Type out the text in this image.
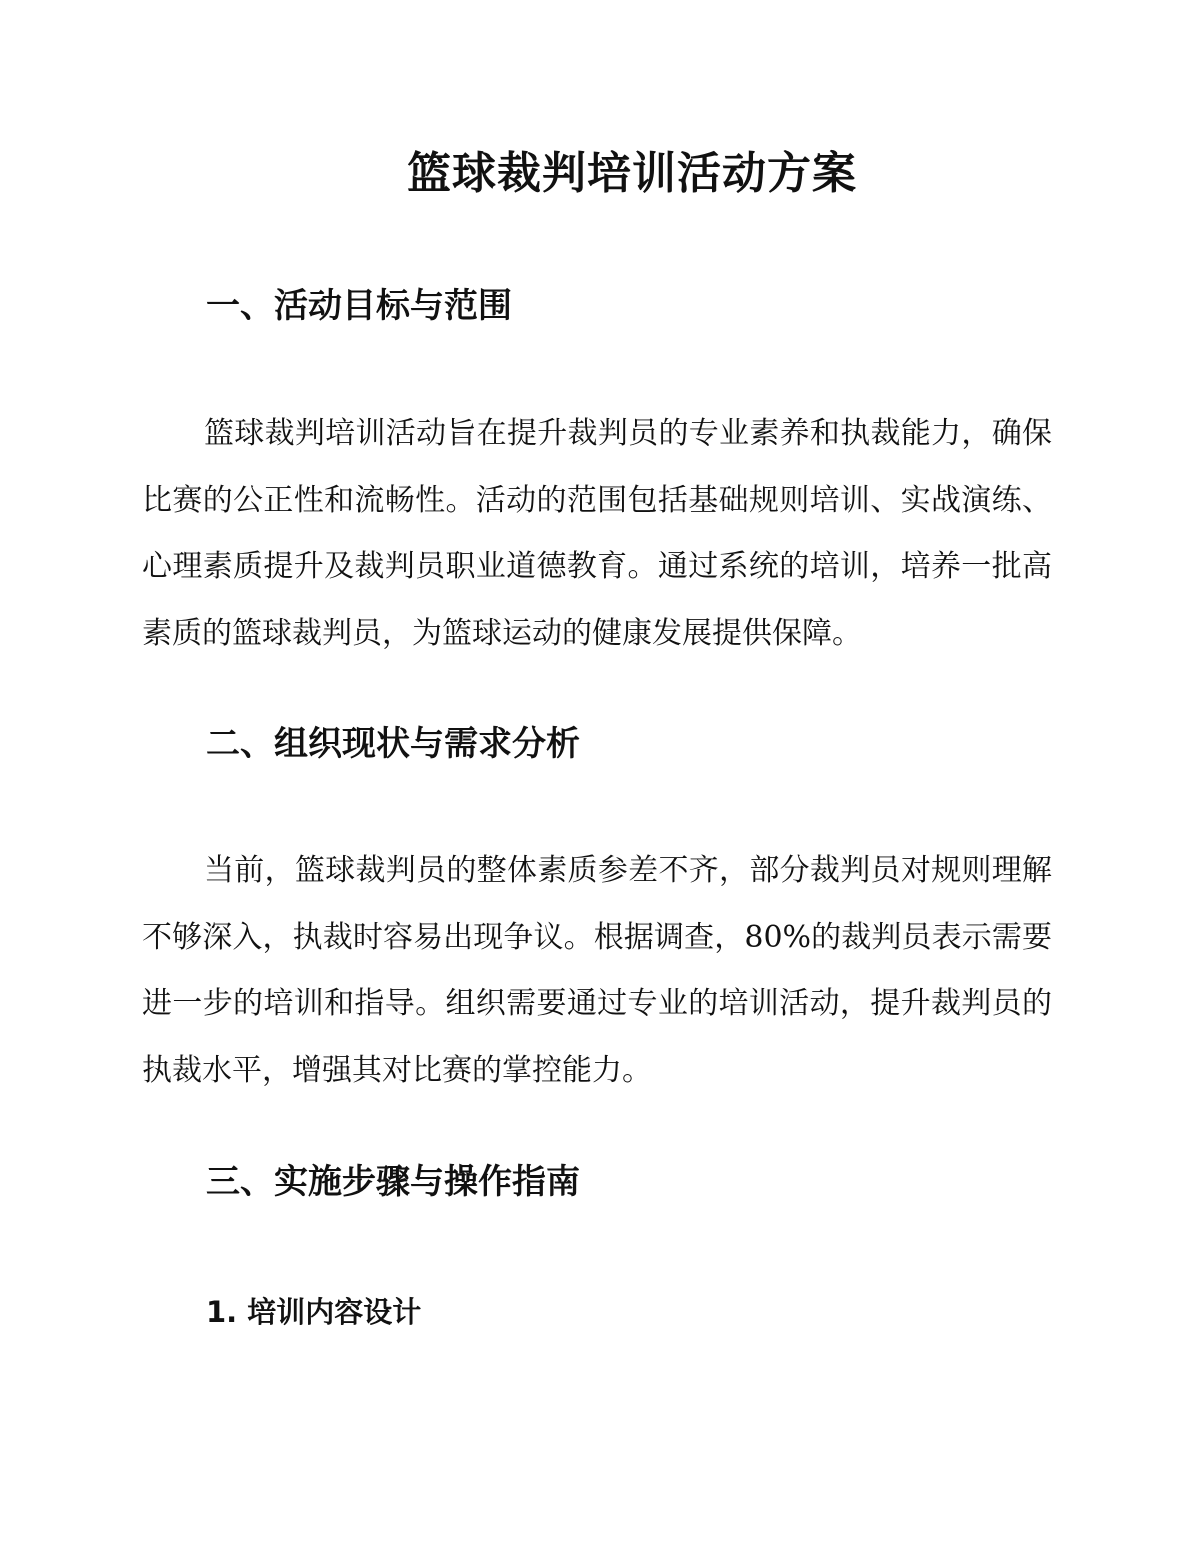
篮球裁判培训活动方案
一、活动目标与范围

篮球裁判培训活动旨在提升裁判员的专业素养和执裁能力，确保比赛的公正性和流畅性。活动的范围包括基础规则培训、实战演练、心理素质提升及裁判员职业道德教育。通过系统的培训，培养一批高素质的篮球裁判员，为篮球运动的健康发展提供保障。

二、组织现状与需求分析

当前，篮球裁判员的整体素质参差不齐，部分裁判员对规则理解不够深入，执裁时容易出现争议。根据调查，80%的裁判员表示需要进一步的培训和指导。组织需要通过专业的培训活动，提升裁判员的执裁水平，增强其对比赛的掌控能力。

三、实施步骤与操作指南
1. 培训内容设计
